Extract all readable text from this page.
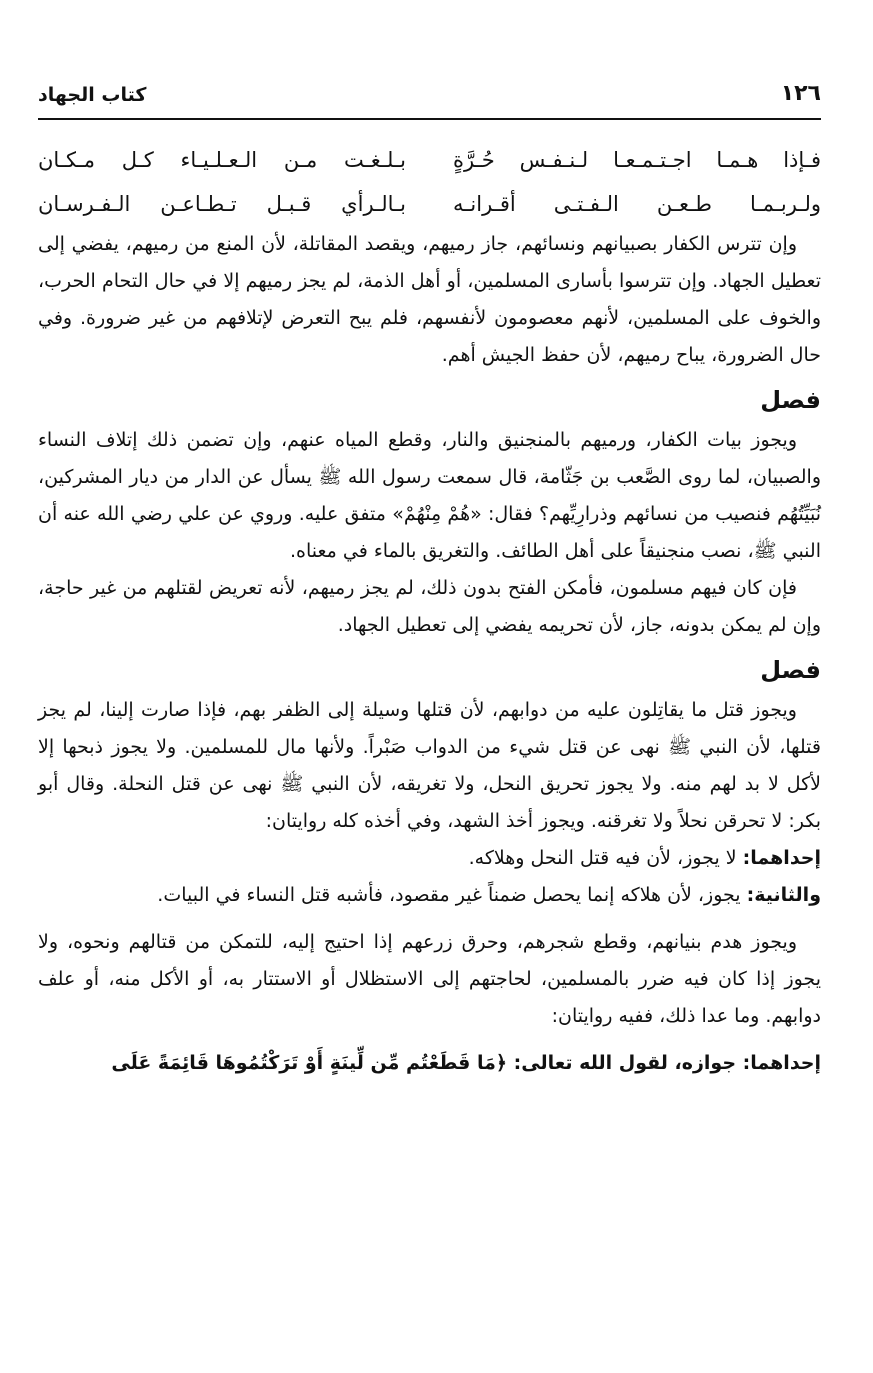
١٢٦
كتاب الجهاد
فـإذا هـمـا اجـتـمـعـا لـنـفـس حُـرَّةٍ
بـلـغـت مـن الـعـلـيـاء كـل مـكـان
ولـربـمـا طـعـن الـفـتـى أقـرانـه
بـالـرأي قـبـل تـطـاعـن الـفـرسـان

وإن تترس الكفار بصبيانهم ونسائهم، جاز رميهم، ويقصد المقاتلة، لأن المنع من رميهم، يفضي إلى تعطيل الجهاد. وإن تترسوا بأسارى المسلمين، أو أهل الذمة، لم يجز رميهم إلا في حال التحام الحرب، والخوف على المسلمين، لأنهم معصومون لأنفسهم، فلم يبح التعرض لإتلافهم من غير ضرورة. وفي حال الضرورة، يباح رميهم، لأن حفظ الجيش أهم.

فصل

ويجوز بيات الكفار، ورميهم بالمنجنيق والنار، وقطع المياه عنهم، وإن تضمن ذلك إتلاف النساء والصبيان، لما روى الصَّعب بن جَثّامة، قال سمعت رسول الله ﷺ يسأل عن الدار من ديار المشركين، نُبَيِّتُهُم فنصيب من نسائهم وذرارِيِّهم؟ فقال: «هُمْ مِنْهُمْ» متفق عليه. وروي عن علي رضي الله عنه أن النبي ﷺ، نصب منجنيقاً على أهل الطائف. والتغريق بالماء في معناه.

فإن كان فيهم مسلمون، فأمكن الفتح بدون ذلك، لم يجز رميهم، لأنه تعريض لقتلهم من غير حاجة، وإن لم يمكن بدونه، جاز، لأن تحريمه يفضي إلى تعطيل الجهاد.

فصل

ويجوز قتل ما يقاتِلون عليه من دوابهم، لأن قتلها وسيلة إلى الظفر بهم، فإذا صارت إلينا، لم يجز قتلها، لأن النبي ﷺ نهى عن قتل شيء من الدواب صَبْراً. ولأنها مال للمسلمين. ولا يجوز ذبحها إلا لأكل لا بد لهم منه. ولا يجوز تحريق النحل، ولا تغريقه، لأن النبي ﷺ نهى عن قتل النحلة. وقال أبو بكر: لا تحرقن نحلاً ولا تغرقنه. ويجوز أخذ الشهد، وفي أخذه كله روايتان:

إحداهما: لا يجوز، لأن فيه قتل النحل وهلاكه.

والثانية: يجوز، لأن هلاكه إنما يحصل ضمناً غير مقصود، فأشبه قتل النساء في البيات.

ويجوز هدم بنيانهم، وقطع شجرهم، وحرق زرعهم إذا احتيج إليه، للتمكن من قتالهم ونحوه، ولا يجوز إذا كان فيه ضرر بالمسلمين، لحاجتهم إلى الاستظلال أو الاستتار به، أو الأكل منه، أو علف دوابهم. وما عدا ذلك، ففيه روايتان:

إحداهما: جوازه، لقول الله تعالى: ﴿مَا قَطَعْتُم مِّن لِّينَةٍ أَوْ تَرَكْتُمُوهَا قَائِمَةً عَلَى
